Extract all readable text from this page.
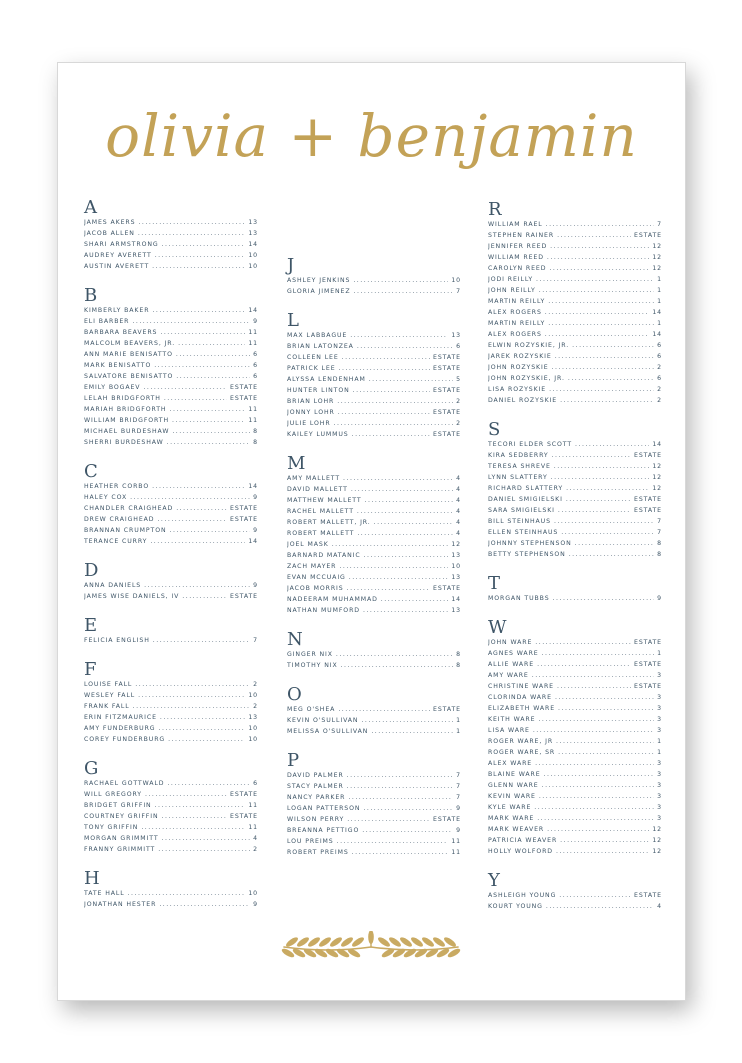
olivia + benjamin
A
JAMES AKERS .....	13
JACOB ALLEN .....	13
SHARI ARMSTRONG .....	14
AUDREY AVERETT .....	10
AUSTIN AVERETT .....	10
B
KIMBERLY BAKER .....	14
ELI BARBER .....	9
BARBARA BEAVERS .....	11
MALCOLM BEAVERS, JR. .....	11
ANN MARIE BENISATTO .....	6
MARK BENISATTO .....	6
SALVATORE BENISATTO .....	6
EMILY BOGAEV .....	ESTATE
LELAH BRIDGFORTH .....	ESTATE
MARIAH BRIDGFORTH .....	11
WILLIAM BRIDGFORTH .....	11
MICHAEL BURDESHAW .....	8
SHERRI BURDESHAW .....	8
C
HEATHER CORBO .....	14
HALEY COX .....	9
CHANDLER CRAIGHEAD .....	ESTATE
DREW CRAIGHEAD .....	ESTATE
BRANNAN CRUMPTON .....	9
TERANCE CURRY .....	14
D
ANNA DANIELS .....	9
JAMES WISE DANIELS, IV .....	ESTATE
E
FELICIA ENGLISH .....	7
F
LOUISE FALL .....	2
WESLEY FALL .....	10
FRANK FALL .....	2
ERIN FITZMAURICE .....	13
AMY FUNDERBURG .....	10
COREY FUNDERBURG .....	10
G
RACHAEL GOTTWALD .....	6
WILL GREGORY .....	ESTATE
BRIDGET GRIFFIN .....	11
COURTNEY GRIFFIN .....	ESTATE
TONY GRIFFIN .....	11
MORGAN GRIMMITT .....	4
FRANNY GRIMMITT .....	2
H
TATE HALL .....	10
JONATHAN HESTER .....	9
J
ASHLEY JENKINS .....	10
GLORIA JIMENEZ .....	7
L
MAX LABBAGUE .....	13
BRIAN LATONZEA .....	6
COLLEEN LEE .....	ESTATE
PATRICK LEE .....	ESTATE
ALYSSA LENDENHAM .....	5
HUNTER LINTON .....	ESTATE
BRIAN LOHR .....	2
JONNY LOHR .....	ESTATE
JULIE LOHR .....	2
KAILEY LUMMUS .....	ESTATE
M
AMY MALLETT .....	4
DAVID MALLETT .....	4
MATTHEW MALLETT .....	4
RACHEL MALLETT .....	4
ROBERT MALLETT, JR. .....	4
ROBERT MALLETT .....	4
JOEL MASK .....	12
BARNARD MATANIC .....	13
ZACH MAYER .....	10
EVAN MCCUAIG .....	13
JACOB MORRIS .....	ESTATE
NADEERAM MUHAMMAD .....	14
NATHAN MUMFORD .....	13
N
GINGER NIX .....	8
TIMOTHY NIX .....	8
O
MEG O'SHEA .....	ESTATE
KEVIN O'SULLIVAN .....	1
MELISSA O'SULLIVAN .....	1
P
DAVID PALMER .....	7
STACY PALMER .....	7
NANCY PARKER .....	7
LOGAN PATTERSON .....	9
WILSON PERRY .....	ESTATE
BREANNA PETTIGO .....	9
LOU PREIMS .....	11
ROBERT PREIMS .....	11
R
WILLIAM RAEL .....	7
STEPHEN RAINER .....	ESTATE
JENNIFER REED .....	12
WILLIAM REED .....	12
CAROLYN REED .....	12
JODI REILLY .....	1
JOHN REILLY .....	1
MARTIN REILLY .....	1
ALEX ROGERS .....	14
MARTIN REILLY .....	1
ALEX ROGERS .....	14
ELWIN ROZYSKIE, JR. .....	6
JAREK ROZYSKIE .....	6
JOHN ROZYSKIE .....	2
JOHN ROZYSKIE, JR. .....	6
LISA ROZYSKIE .....	2
DANIEL ROZYSKIE .....	2
S
TECORI ELDER SCOTT .....	14
KIRA SEDBERRY .....	ESTATE
TERESA SHREVE .....	12
LYNN SLATTERY .....	12
RICHARD SLATTERY .....	12
DANIEL SMIGIELSKI .....	ESTATE
SARA SMIGIELSKI .....	ESTATE
BILL STEINHAUS .....	7
ELLEN STEINHAUS .....	7
JOHNNY STEPHENSON .....	8
BETTY STEPHENSON .....	8
T
MORGAN TUBBS .....	9
W
JOHN WARE .....	ESTATE
AGNES WARE .....	1
ALLIE WARE .....	ESTATE
AMY WARE .....	3
CHRISTINE WARE .....	ESTATE
CLORINDA WARE .....	3
ELIZABETH WARE .....	3
KEITH WARE .....	3
LISA WARE .....	3
ROGER WARE, JR .....	1
ROGER WARE, SR .....	1
ALEX WARE .....	3
BLAINE WARE .....	3
GLENN WARE .....	3
KEVIN WARE .....	3
KYLE WARE .....	3
MARK WARE .....	3
MARK WEAVER .....	12
PATRICIA WEAVER .....	12
HOLLY WOLFORD .....	12
Y
ASHLEIGH YOUNG .....	ESTATE
KOURT YOUNG .....	4
